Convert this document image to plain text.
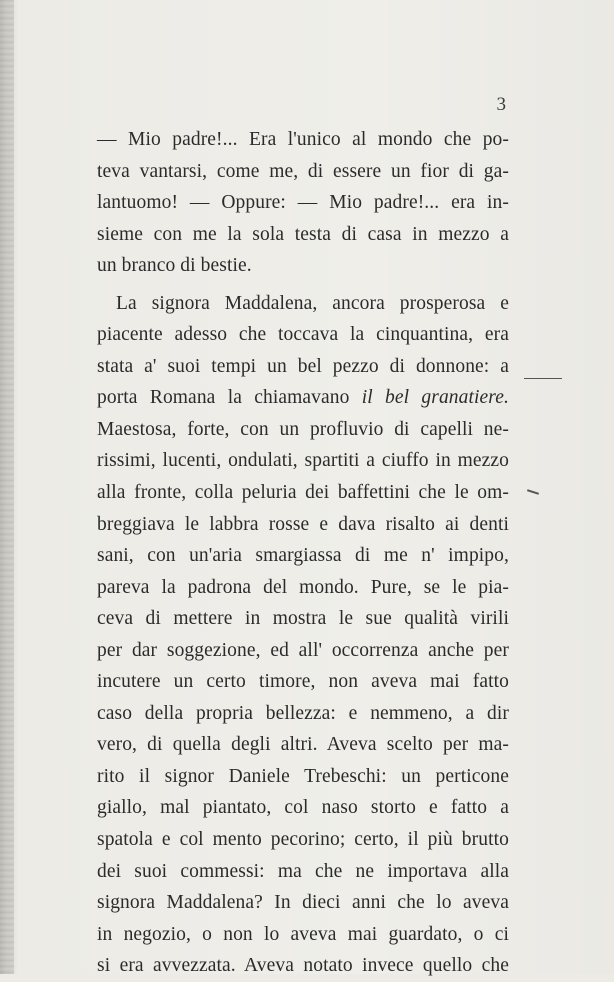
3
— Mio padre!... Era l'unico al mondo che po-
teva vantarsi, come me, di essere un fior di ga-
lantuomo! — Oppure: — Mio padre!... era in-
sieme con me la sola testa di casa in mezzo a
un branco di bestie.
La signora Maddalena, ancora prosperosa e
piacente adesso che toccava la cinquantina, era
stata a' suoi tempi un bel pezzo di donnone: a
porta Romana la chiamavano il bel granatiere.
Maestosa, forte, con un profluvio di capelli ne-
rissimi, lucenti, ondulati, spartiti a ciuffo in mezzo
alla fronte, colla peluria dei baffettini che le om-
breggiava le labbra rosse e dava risalto ai denti
sani, con un'aria smargiassa di me n' impipo,
pareva la padrona del mondo. Pure, se le pia-
ceva di mettere in mostra le sue qualità virili
per dar soggezione, ed all' occorrenza anche per
incutere un certo timore, non aveva mai fatto
caso della propria bellezza: e nemmeno, a dir
vero, di quella degli altri. Aveva scelto per ma-
rito il signor Daniele Trebeschi: un perticone
giallo, mal piantato, col naso storto e fatto a
spatola e col mento pecorino; certo, il più brutto
dei suoi commessi: ma che ne importava alla
signora Maddalena? In dieci anni che lo aveva
in negozio, o non lo aveva mai guardato, o ci
si era avvezzata. Aveva notato invece quello che
